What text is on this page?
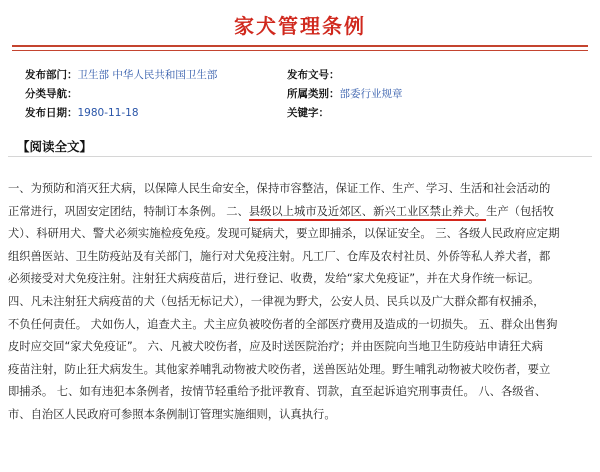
家犬管理条例
发布部门：卫生部 中华人民共和国卫生部	发布文号：
分类导航：	所属类别：部委行业规章
发布日期：1980-11-18	关键字：
【阅读全文】
一、为预防和消灭狂犬病，以保障人民生命安全，保持市容整洁，保证工作、生产、学习、生活和社会活动的
正常进行，巩固安定团结，特制订本条例。 二、县级以上城市及近郊区、新兴工业区禁止养犬。生产（包括牧
犬）、科研用犬、警犬必须实施检疫免疫。发现可疑病犬，要立即捕杀，以保证安全。 三、各级人民政府应定期
组织兽医站、卫生防疫站及有关部门，施行对犬免疫注射。凡工厂、仓库及农村社员、外侨等私人养犬者，都
必须接受对犬免疫注射。注射狂犬病疫苗后，进行登记、收费，发给“家犬免疫证”，并在犬身作统一标记。
四、凡未注射狂犬病疫苗的犬（包括无标记犬），一律视为野犬，公安人员、民兵以及广大群众都有权捕杀，
不负任何责任。 犬如伤人，追查犬主。犬主应负被咬伤者的全部医疗费用及造成的一切损失。 五、群众出售狗
皮时应交回“家犬免疫证”。 六、凡被犬咬伤者，应及时送医院治疗；并由医院向当地卫生防疫站申请狂犬病
疫苗注射，防止狂犬病发生。其他家养哺乳动物被犬咬伤者，送兽医站处理。野生哺乳动物被犬咬伤者，要立
即捕杀。 七、如有违犯本条例者，按情节轻重给予批评教育、罚款，直至起诉追究刑事责任。 八、各级省、
市、自治区人民政府可参照本条例制订管理实施细则，认真执行。
